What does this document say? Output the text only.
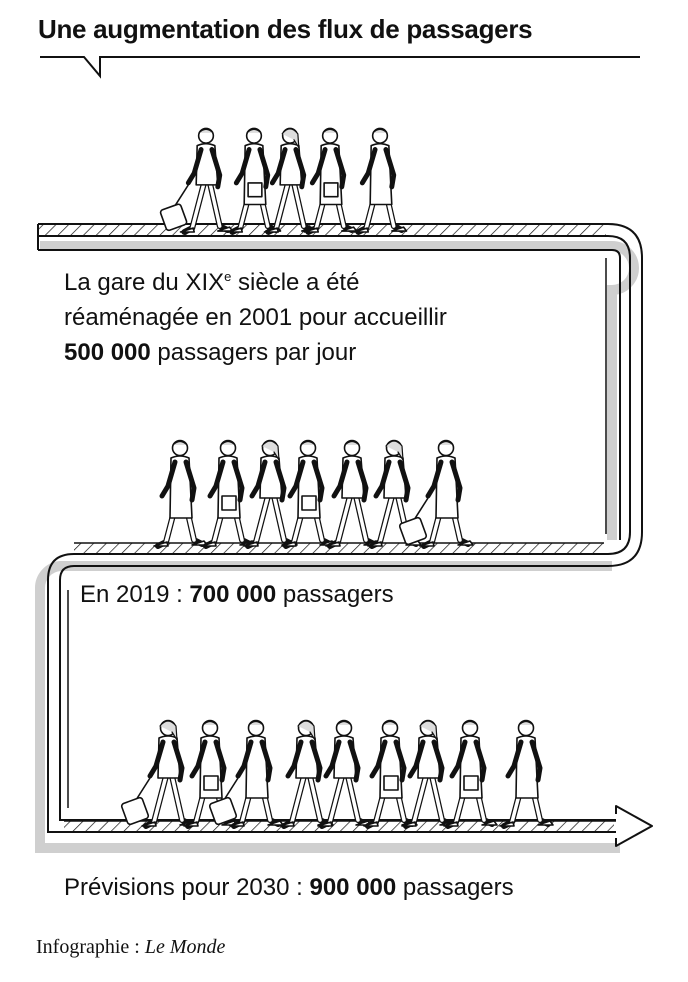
Une augmentation des flux de passagers
La gare du XIXe siècle a été
réaménagée en 2001 pour accueillir
500 000 passagers par jour
En 2019 : 700 000 passagers
Prévisions pour 2030 : 900 000 passagers
Infographie : Le Monde
